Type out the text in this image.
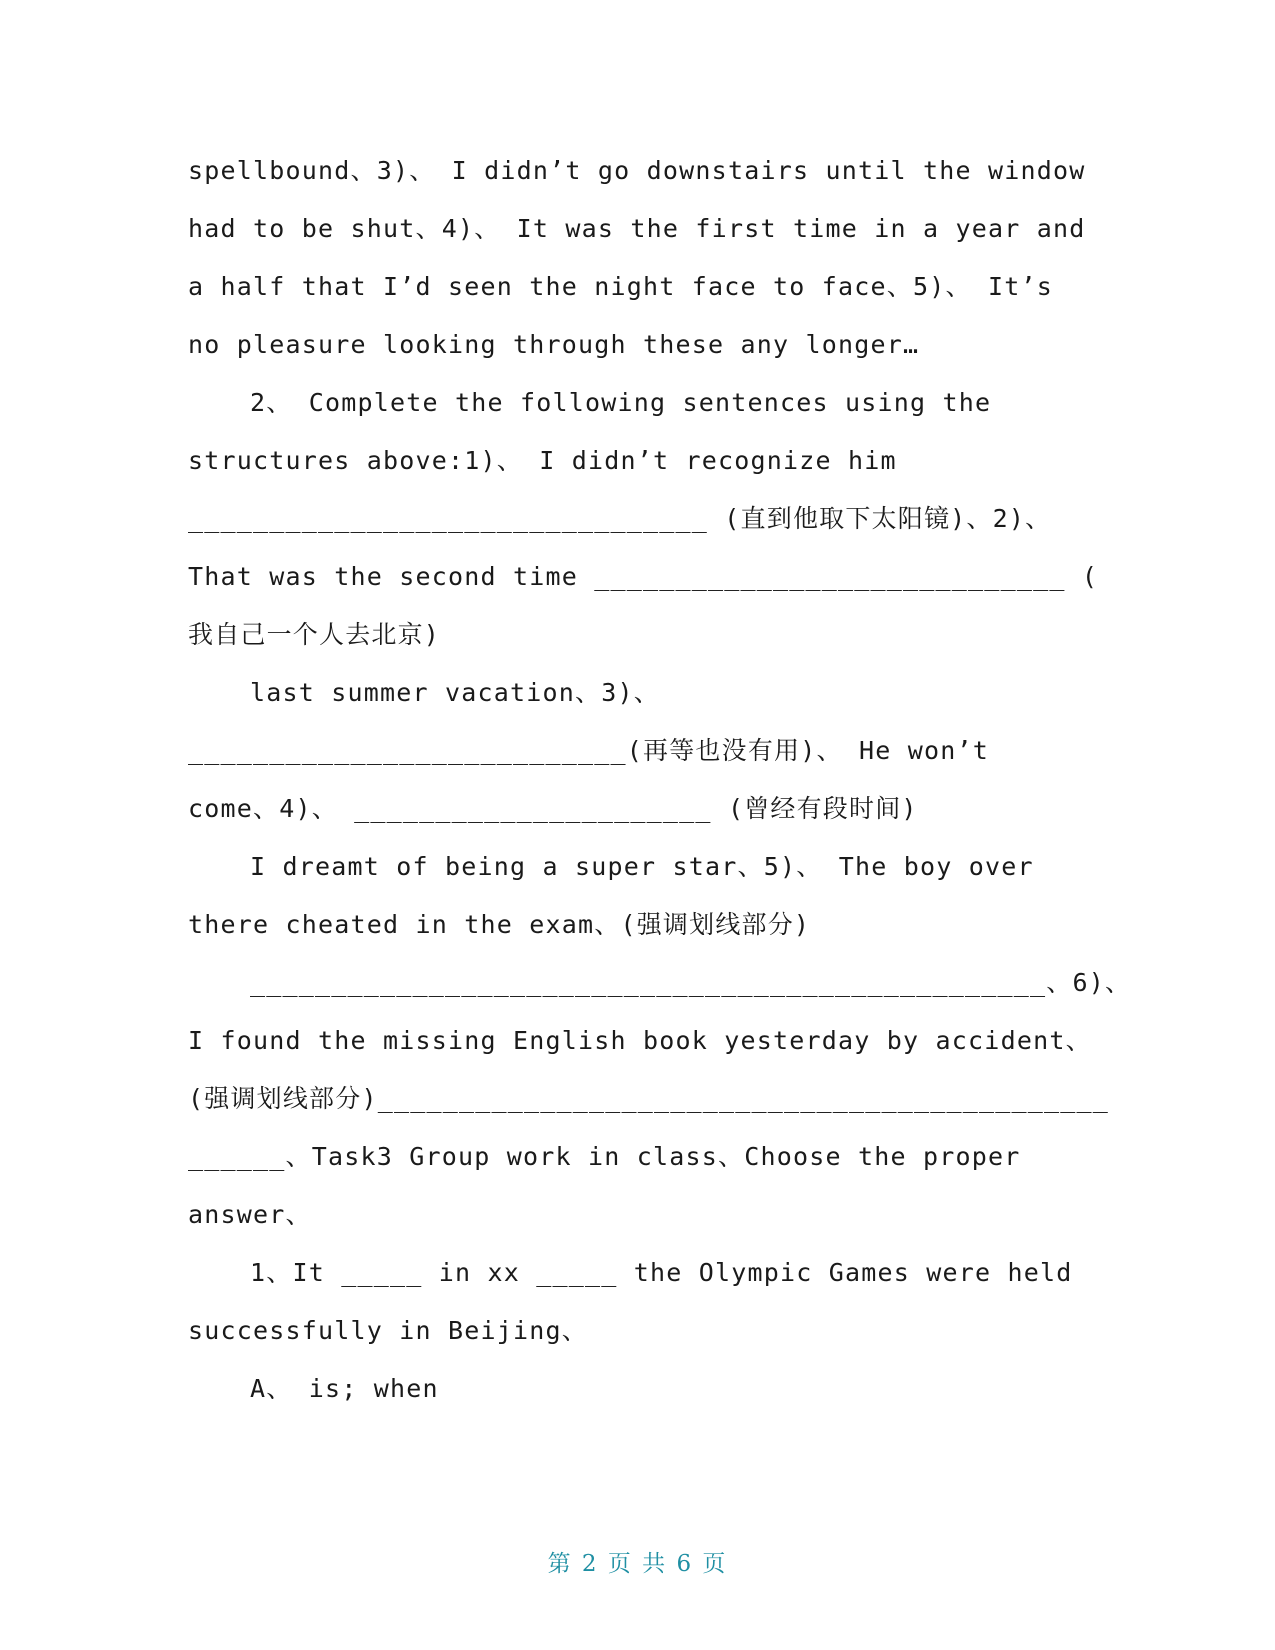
spellbound、3)、 I didn’t go downstairs until the window
had to be shut、4)、 It was the first time in a year and
a half that I’d seen the night face to face、5)、 It’s
no pleasure looking through these any longer…
2、 Complete the following sentences using the
structures above:1)、 I didn’t recognize him
________________________________ (直到他取下太阳镜)、2)、
That was the second time _____________________________ (
我自己一个人去北京)
last summer vacation、3)、
___________________________(再等也没有用)、 He won’t
come、4)、 ______________________ (曾经有段时间)
I dreamt of being a super star、5)、 The boy over
there cheated in the exam、(强调划线部分)
_________________________________________________、6)、
I found the missing English book yesterday by accident、
(强调划线部分)_____________________________________________
______、Task3 Group work in class、Choose the proper
answer、
1、It _____ in xx _____ the Olympic Games were held
successfully in Beijing、
A、 is; when
第 2 页 共 6 页
